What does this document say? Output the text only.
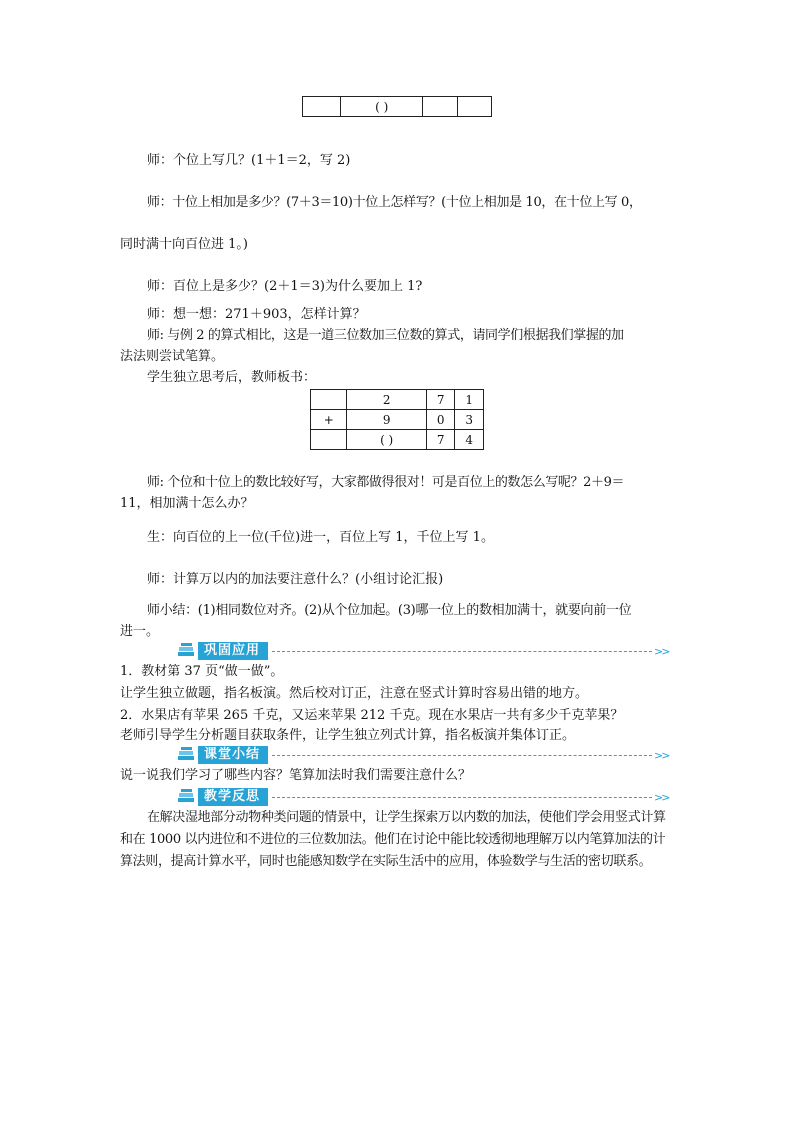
	( )		
师：个位上写几？(1＋1＝2，写 2)
师：十位上相加是多少？(7＋3＝10)十位上怎样写？(十位上相加是 10，在十位上写 0，
同时满十向百位进 1。)
师：百位上是多少？(2＋1＝3)为什么要加上 1?
师：想一想：271＋903，怎样计算？
师: 与例 2 的算式相比，这是一道三位数加三位数的算式，请同学们根据我们掌握的加
法法则尝试笔算。
学生独立思考后，教师板书：
	2	7	1
+	9	0	3
	( )	7	4
师: 个位和十位上的数比较好写，大家都做得很对！可是百位上的数怎么写呢？2＋9＝
11，相加满十怎么办？
生：向百位的上一位(千位)进一，百位上写 1，千位上写 1。
师：计算万以内的加法要注意什么？(小组讨论汇报)
师小结：(1)相同数位对齐。(2)从个位加起。(3)哪一位上的数相加满十，就要向前一位
进一。
巩固应用	>>
1．教材第 37 页“做一做”。
让学生独立做题，指名板演。然后校对订正，注意在竖式计算时容易出错的地方。
2．水果店有苹果 265 千克，又运来苹果 212 千克。现在水果店一共有多少千克苹果？
老师引导学生分析题目获取条件，让学生独立列式计算，指名板演并集体订正。
课堂小结	>>
说一说我们学习了哪些内容？笔算加法时我们需要注意什么？
教学反思	>>
在解决湿地部分动物种类问题的情景中，让学生探索万以内数的加法，使他们学会用竖式计算和在 1000 以内进位和不进位的三位数加法。他们在讨论中能比较透彻地理解万以内笔算加法的计算法则，提高计算水平，同时也能感知数学在实际生活中的应用，体验数学与生活的密切联系。
